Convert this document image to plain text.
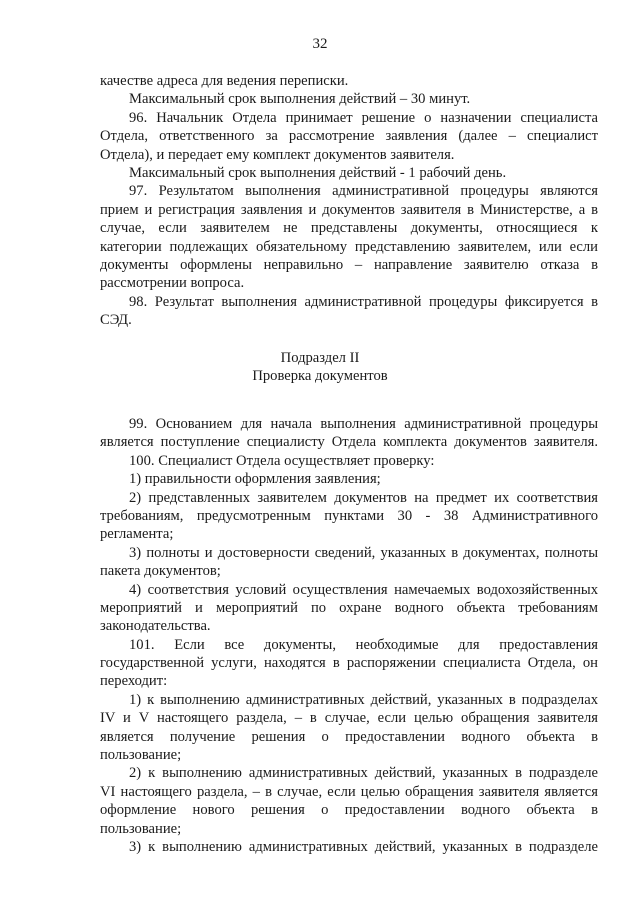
32
качестве адреса для ведения переписки.
Максимальный срок выполнения действий – 30 минут.
96. Начальник Отдела принимает решение о назначении специалиста
Отдела, ответственного за рассмотрение заявления (далее – специалист
Отдела), и передает ему комплект документов заявителя.
Максимальный срок выполнения действий - 1 рабочий день.
97. Результатом выполнения административной процедуры являются
прием и регистрация заявления и документов заявителя в Министерстве, а в
случае, если заявителем не представлены документы, относящиеся к
категории подлежащих обязательному представлению заявителем, или если
документы оформлены неправильно – направление заявителю отказа в
рассмотрении вопроса.
98. Результат выполнения административной процедуры фиксируется в
СЭД.
Подраздел II
Проверка документов
99. Основанием для начала выполнения административной процедуры
является поступление специалисту Отдела комплекта документов заявителя.
100. Специалист Отдела осуществляет проверку:
1) правильности оформления заявления;
2) представленных заявителем документов на предмет их соответствия
требованиям, предусмотренным пунктами 30 - 38 Административного
регламента;
3) полноты и достоверности сведений, указанных в документах, полноты
пакета документов;
4) соответствия условий осуществления намечаемых водохозяйственных
мероприятий и мероприятий по охране водного объекта требованиям
законодательства.
101. Если все документы, необходимые для предоставления
государственной услуги, находятся в распоряжении специалиста Отдела, он
переходит:
1) к выполнению административных действий, указанных в подразделах
IV и V настоящего раздела, – в случае, если целью обращения заявителя
является получение решения о предоставлении водного объекта в
пользование;
2) к выполнению административных действий, указанных в подразделе
VI настоящего раздела, – в случае, если целью обращения заявителя является
оформление нового решения о предоставлении водного объекта в
пользование;
3) к выполнению административных действий, указанных в подразделе
